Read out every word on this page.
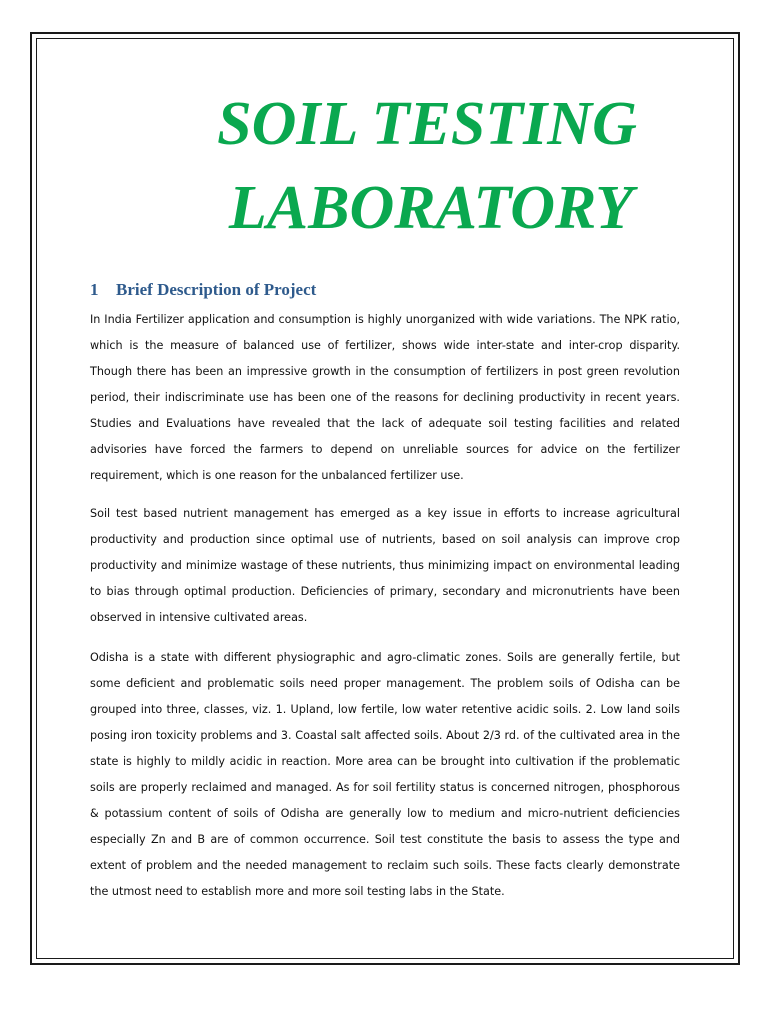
SOIL TESTING
LABORATORY
1 Brief Description of Project

In India Fertilizer application and consumption is highly unorganized with wide variations. The NPK ratio, which is the measure of balanced use of fertilizer, shows wide inter-state and inter-crop disparity. Though there has been an impressive growth in the consumption of fertilizers in post green revolution period, their indiscriminate use has been one of the reasons for declining productivity in recent years. Studies and Evaluations have revealed that the lack of adequate soil testing facilities and related advisories have forced the farmers to depend on unreliable sources for advice on the fertilizer requirement, which is one reason for the unbalanced fertilizer use.

Soil test based nutrient management has emerged as a key issue in efforts to increase agricultural productivity and production since optimal use of nutrients, based on soil analysis can improve crop productivity and minimize wastage of these nutrients, thus minimizing impact on environmental leading to bias through optimal production. Deficiencies of primary, secondary and micronutrients have been observed in intensive cultivated areas.

Odisha is a state with different physiographic and agro-climatic zones. Soils are generally fertile, but some deficient and problematic soils need proper management. The problem soils of Odisha can be grouped into three, classes, viz. 1. Upland, low fertile, low water retentive acidic soils. 2. Low land soils posing iron toxicity problems and 3. Coastal salt affected soils. About 2/3 rd. of the cultivated area in the state is highly to mildly acidic in reaction. More area can be brought into cultivation if the problematic soils are properly reclaimed and managed. As for soil fertility status is concerned nitrogen, phosphorous & potassium content of soils of Odisha are generally low to medium and micro-nutrient deficiencies especially Zn and B are of common occurrence. Soil test constitute the basis to assess the type and extent of problem and the needed management to reclaim such soils. These facts clearly demonstrate the utmost need to establish more and more soil testing labs in the State.
